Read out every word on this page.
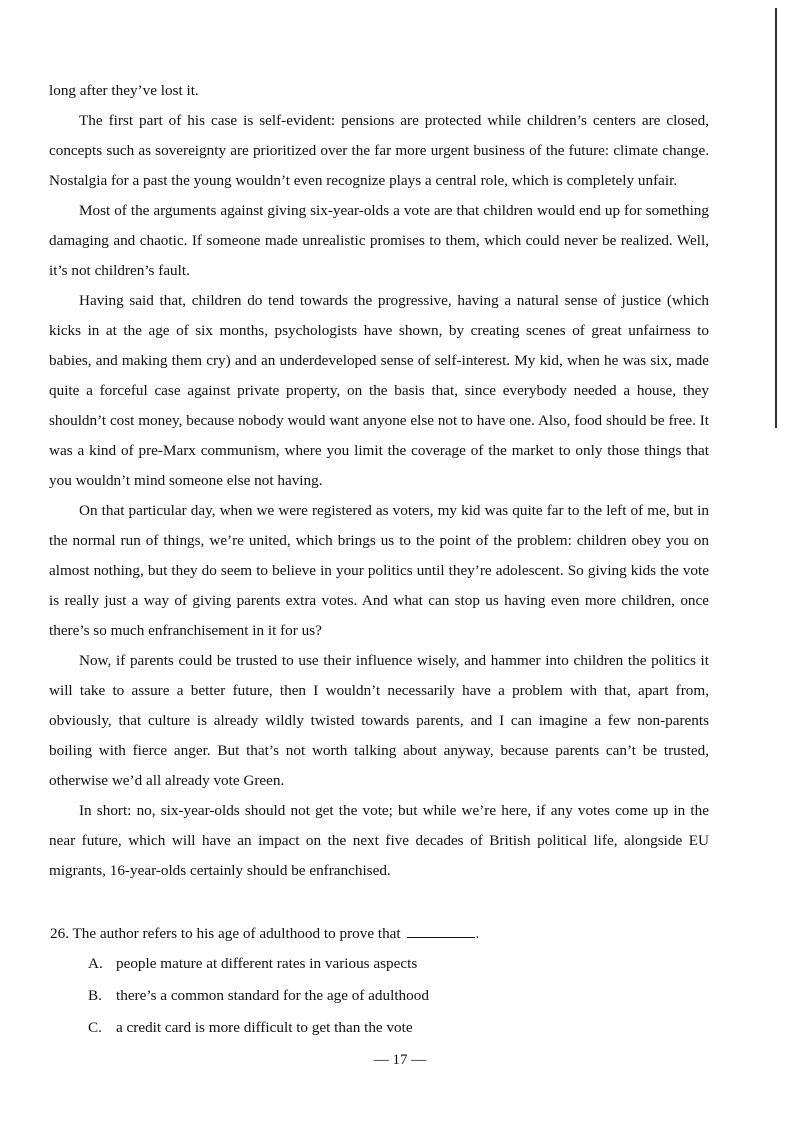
long after they’ve lost it.

The first part of his case is self-evident: pensions are protected while children’s centers are closed, concepts such as sovereignty are prioritized over the far more urgent business of the future: climate change. Nostalgia for a past the young wouldn’t even recognize plays a central role, which is completely unfair.

Most of the arguments against giving six-year-olds a vote are that children would end up for something damaging and chaotic. If someone made unrealistic promises to them, which could never be realized. Well, it’s not children’s fault.

Having said that, children do tend towards the progressive, having a natural sense of justice (which kicks in at the age of six months, psychologists have shown, by creating scenes of great unfairness to babies, and making them cry) and an underdeveloped sense of self-interest. My kid, when he was six, made quite a forceful case against private property, on the basis that, since everybody needed a house, they shouldn’t cost money, because nobody would want anyone else not to have one. Also, food should be free. It was a kind of pre-Marx communism, where you limit the coverage of the market to only those things that you wouldn’t mind someone else not having.

On that particular day, when we were registered as voters, my kid was quite far to the left of me, but in the normal run of things, we’re united, which brings us to the point of the problem: children obey you on almost nothing, but they do seem to believe in your politics until they’re adolescent. So giving kids the vote is really just a way of giving parents extra votes. And what can stop us having even more children, once there’s so much enfranchisement in it for us?

Now, if parents could be trusted to use their influence wisely, and hammer into children the politics it will take to assure a better future, then I wouldn’t necessarily have a problem with that, apart from, obviously, that culture is already wildly twisted towards parents, and I can imagine a few non-parents boiling with fierce anger. But that’s not worth talking about anyway, because parents can’t be trusted, otherwise we’d all already vote Green.

In short: no, six-year-olds should not get the vote; but while we’re here, if any votes come up in the near future, which will have an impact on the next five decades of British political life, alongside EU migrants, 16-year-olds certainly should be enfranchised.

26. The author refers to his age of adulthood to prove that	.
A. people mature at different rates in various aspects
B. there’s a common standard for the age of adulthood
C. a credit card is more difficult to get than the vote
— 17 —
